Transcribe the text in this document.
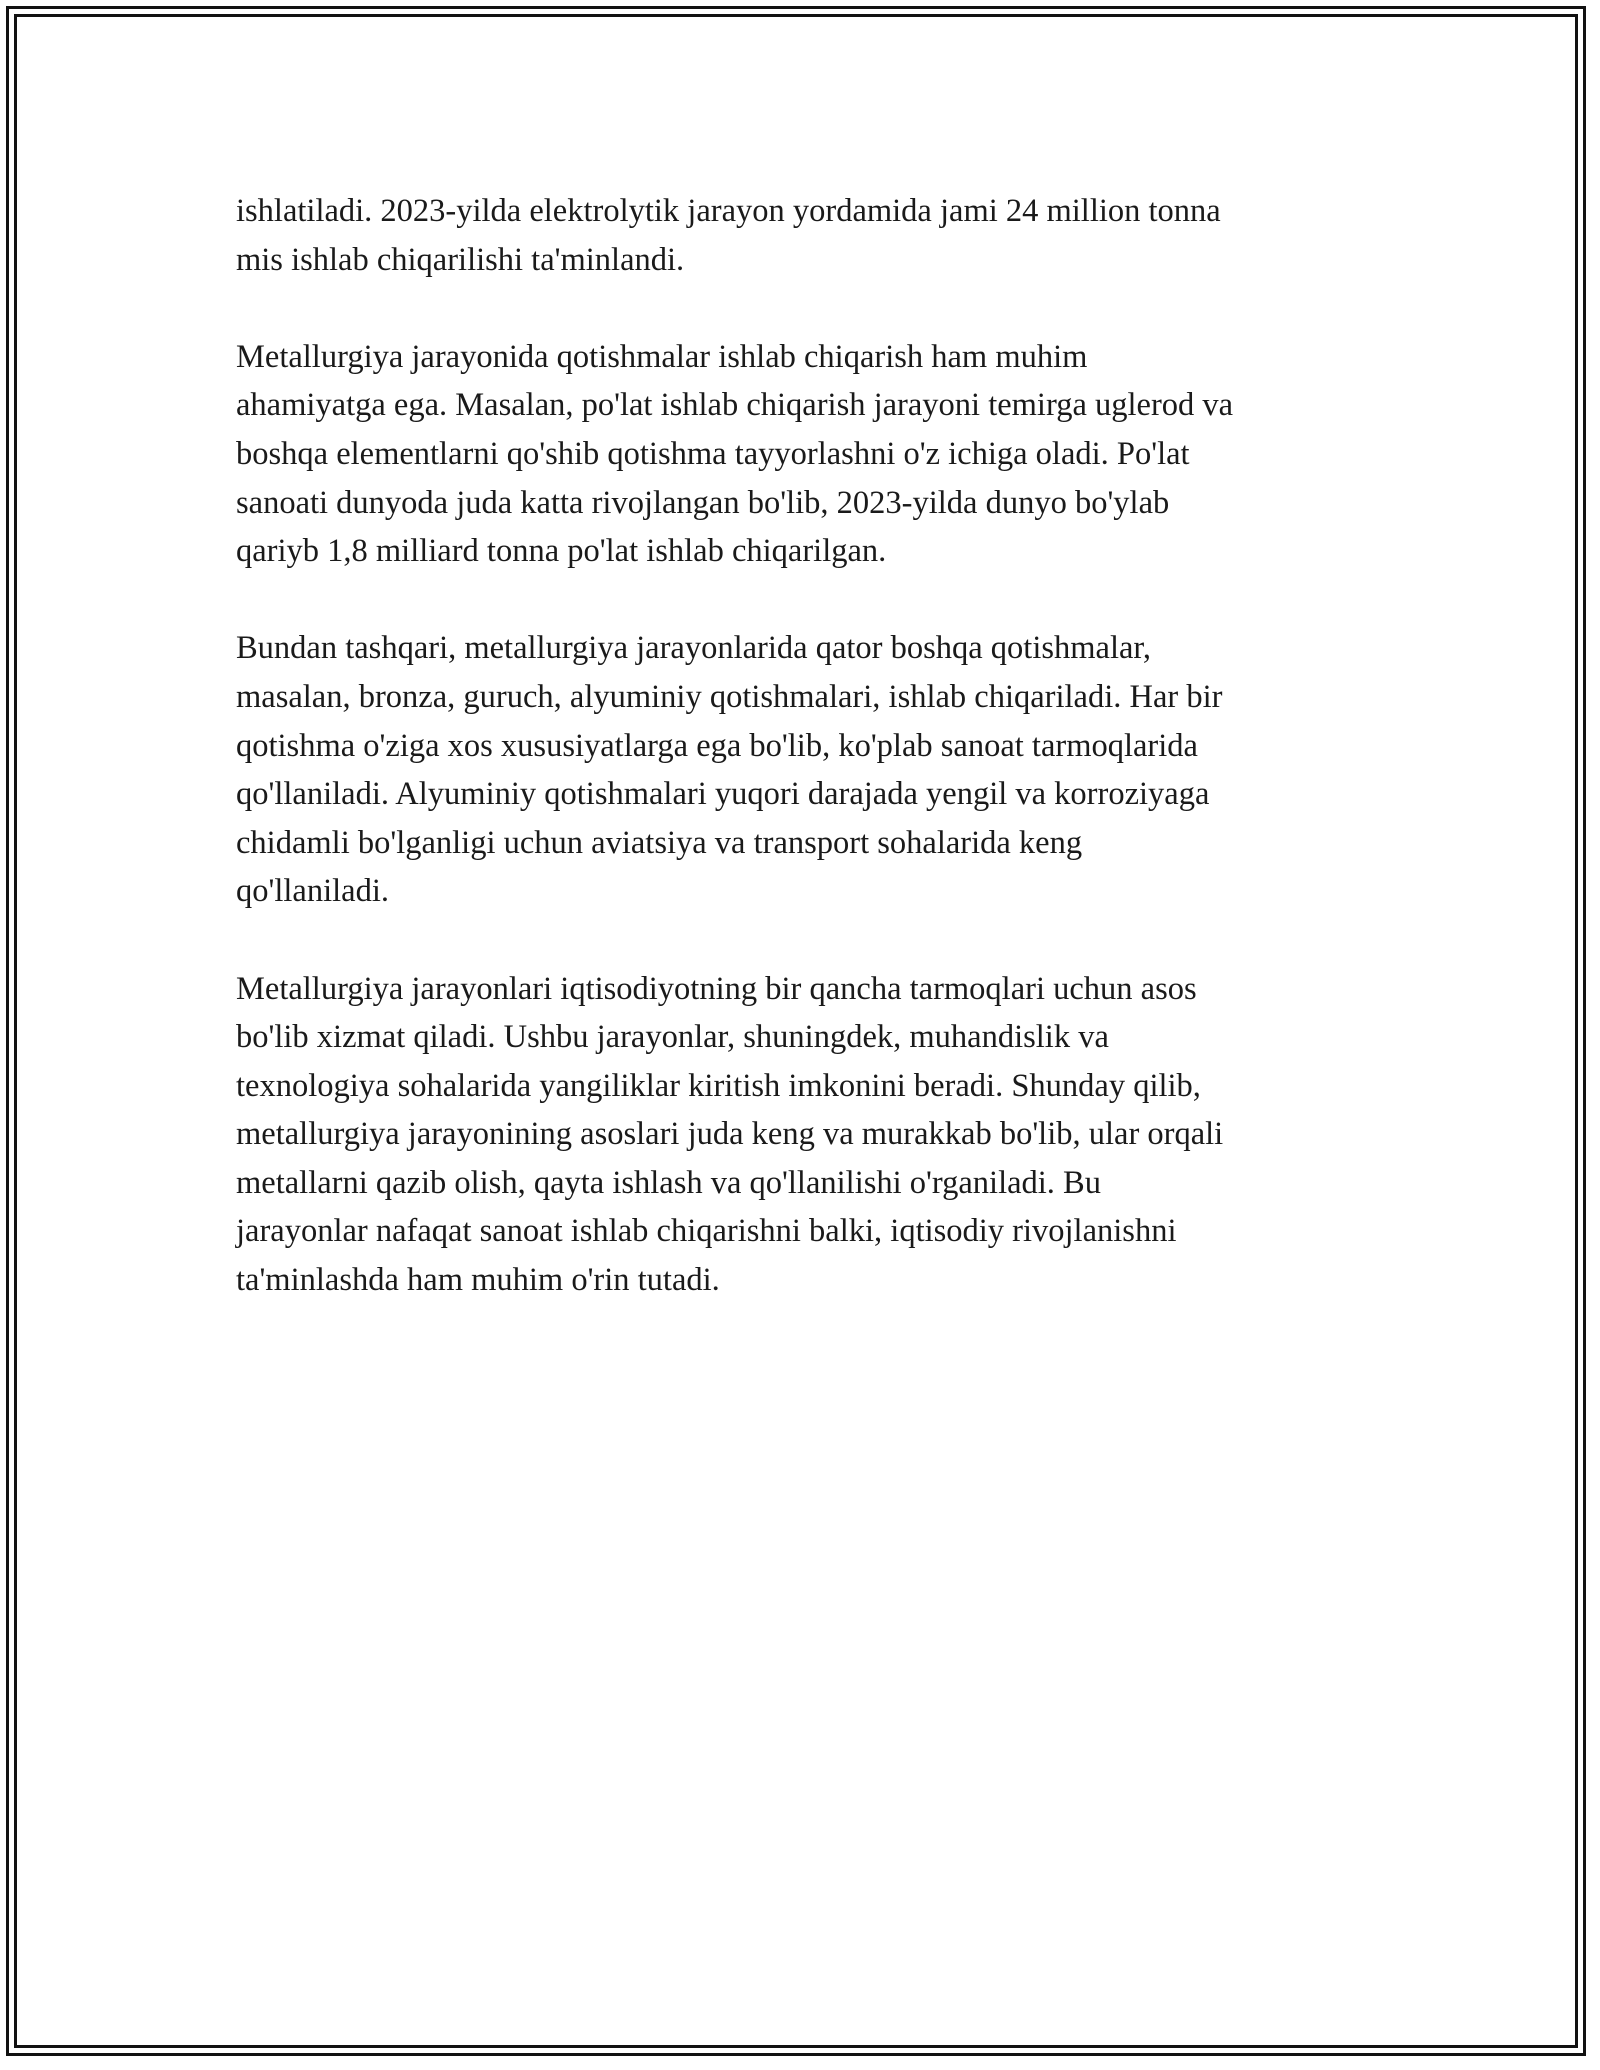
ishlatiladi. 2023-yilda elektrolytik jarayon yordamida jami 24 million tonna
mis ishlab chiqarilishi ta'minlandi.
Metallurgiya jarayonida qotishmalar ishlab chiqarish ham muhim
ahamiyatga ega. Masalan, po'lat ishlab chiqarish jarayoni temirga uglerod va
boshqa elementlarni qo'shib qotishma tayyorlashni o'z ichiga oladi. Po'lat
sanoati dunyoda juda katta rivojlangan bo'lib, 2023-yilda dunyo bo'ylab
qariyb 1,8 milliard tonna po'lat ishlab chiqarilgan.
Bundan tashqari, metallurgiya jarayonlarida qator boshqa qotishmalar,
masalan, bronza, guruch, alyuminiy qotishmalari, ishlab chiqariladi. Har bir
qotishma o'ziga xos xususiyatlarga ega bo'lib, ko'plab sanoat tarmoqlarida
qo'llaniladi. Alyuminiy qotishmalari yuqori darajada yengil va korroziyaga
chidamli bo'lganligi uchun aviatsiya va transport sohalarida keng
qo'llaniladi.
Metallurgiya jarayonlari iqtisodiyotning bir qancha tarmoqlari uchun asos
bo'lib xizmat qiladi. Ushbu jarayonlar, shuningdek, muhandislik va
texnologiya sohalarida yangiliklar kiritish imkonini beradi. Shunday qilib,
metallurgiya jarayonining asoslari juda keng va murakkab bo'lib, ular orqali
metallarni qazib olish, qayta ishlash va qo'llanilishi o'rganiladi. Bu
jarayonlar nafaqat sanoat ishlab chiqarishni balki, iqtisodiy rivojlanishni
ta'minlashda ham muhim o'rin tutadi.
